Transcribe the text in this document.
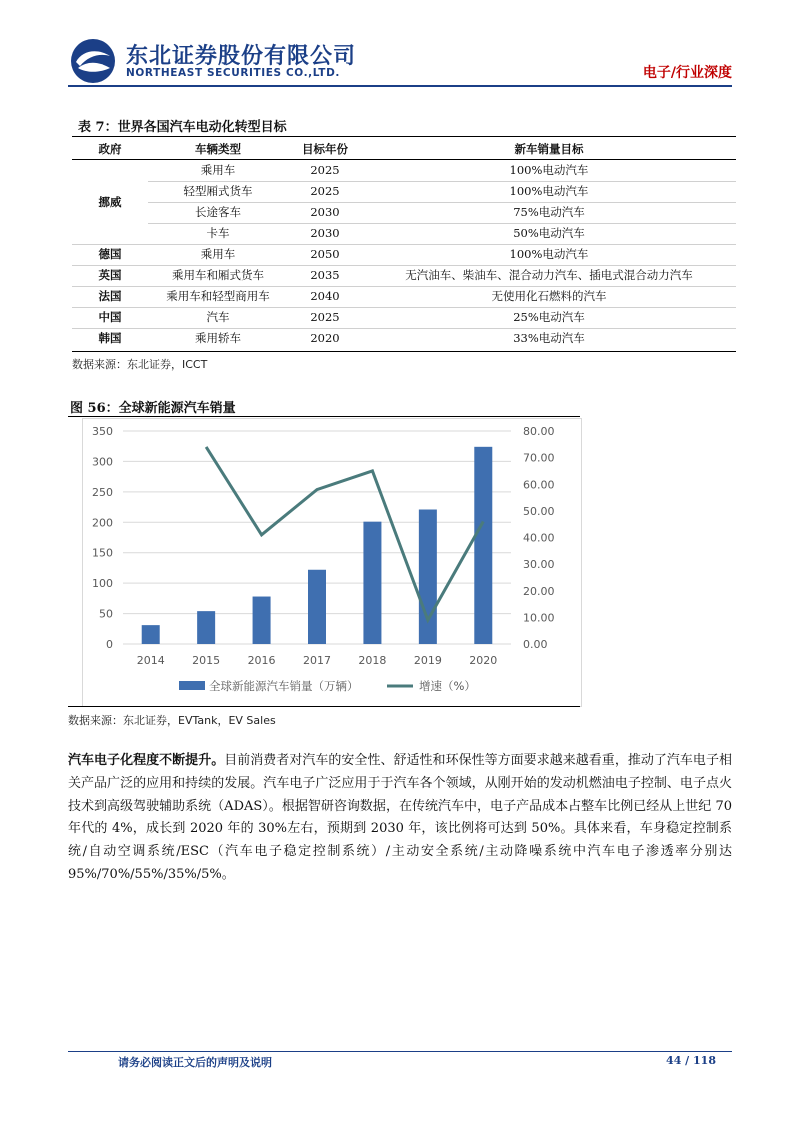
东北证券股份有限公司
NORTHEAST SECURITIES CO.,LTD.	电子/行业深度
表 7：世界各国汽车电动化转型目标
政府	车辆类型	目标年份	新车销量目标
挪威
乘用车	2025	100%电动汽车
轻型厢式货车	2025	100%电动汽车
长途客车	2030	75%电动汽车
卡车	2030	50%电动汽车
德国	乘用车	2050	100%电动汽车
英国	乘用车和厢式货车	2035	无汽油车、柴油车、混合动力汽车、插电式混合动力汽车
法国	乘用车和轻型商用车	2040	无使用化石燃料的汽车
中国	汽车	2025	25%电动汽车
韩国	乘用轿车	2020	33%电动汽车
数据来源：东北证券，ICCT
图 56：全球新能源汽车销量
0
50
100
150
200
250
300
350
0.00
10.00
20.00
30.00
40.00
50.00
60.00
70.00
80.00
2014 2015 2016 2017 2018 2019 2020
全球新能源汽车销量（万辆）	增速（%）
数据来源：东北证券，EVTank，EV Sales
汽车电子化程度不断提升。目前消费者对汽车的安全性、舒适性和环保性等方面要求越来越看重，推动了汽车电子相关产品广泛的应用和持续的发展。汽车电子广泛应用于于汽车各个领域，从刚开始的发动机燃油电子控制、电子点火技术到高级驾驶辅助系统（ADAS）。根据智研咨询数据，在传统汽车中，电子产品成本占整车比例已经从上世纪 70 年代的 4%，成长到 2020 年的 30%左右，预期到 2030 年，该比例将可达到 50%。具体来看，车身稳定控制系统/自动空调系统/ESC（汽车电子稳定控制系统）/主动安全系统/主动降噪系统中汽车电子渗透率分别达 95%/70%/55%/35%/5%。
请务必阅读正文后的声明及说明	44 / 118
